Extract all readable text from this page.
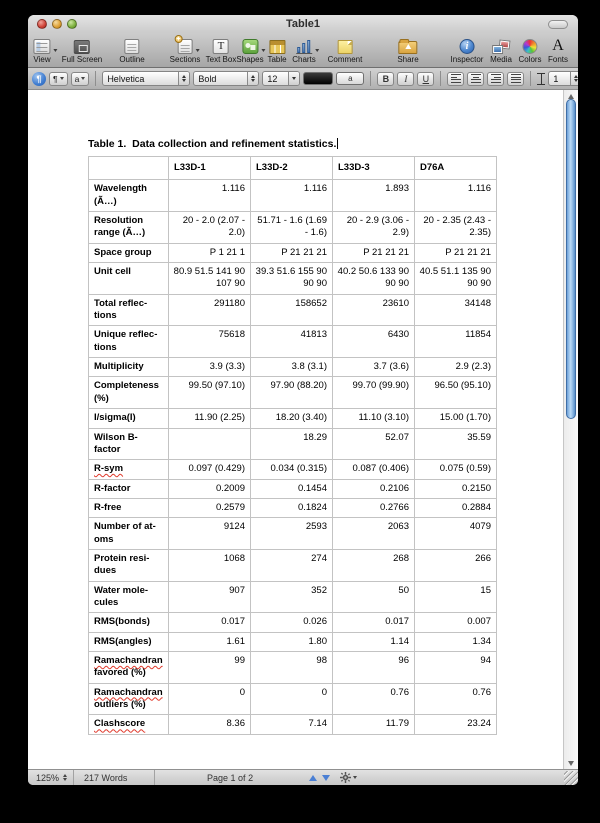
Table1
View Full Screen Outline
+
Sections
T
Text Box Shapes Table Charts Comment	Share
i
Inspector Media Colors
A
Fonts
¶	¶ a	Helvetica	Bold	12	a	B	I	U	1
Table 1.  Data collection and refinement statistics.
	L33D-1	L33D-2	L33D-3	D76A
Wavelength (Ã…)	1.116	1.116	1.893	1.116
Resolution range (Ã…)	20 - 2.0 (2.07 - 2.0)	51.71 - 1.6 (1.69 - 1.6)	20 - 2.9 (3.06 - 2.9)	20 - 2.35 (2.43 - 2.35)
Space group	P 1 21 1	P 21 21 21	P 21 21 21	P 21 21 21
Unit cell	80.9 51.5 141 90 107 90	39.3 51.6 155 90 90 90	40.2 50.6 133 90 90 90	40.5 51.1 135 90 90 90
Total reflections	291180	158652	23610	34148
Unique reflections	75618	41813	6430	11854
Multiplicity	3.9 (3.3)	3.8 (3.1)	3.7 (3.6)	2.9 (2.3)
Completeness (%)	99.50 (97.10)	97.90 (88.20)	99.70 (99.90)	96.50 (95.10)
I/sigma(I)	11.90 (2.25)	18.20 (3.40)	11.10 (3.10)	15.00 (1.70)
Wilson B-factor		18.29	52.07	35.59
R-sym	0.097 (0.429)	0.034 (0.315)	0.087 (0.406)	0.075 (0.59)
R-factor	0.2009	0.1454	0.2106	0.2150
R-free	0.2579	0.1824	0.2766	0.2884
Number of atoms	9124	2593	2063	4079
Protein residues	1068	274	268	266
Water molecules	907	352	50	15
RMS(bonds)	0.017	0.026	0.017	0.007
RMS(angles)	1.61	1.80	1.14	1.34
Ramachandran favored (%)	99	98	96	94
Ramachandran outliers (%)	0	0	0.76	0.76
Clashscore	8.36	7.14	11.79	23.24
125%	217 Words	Page 1 of 2
